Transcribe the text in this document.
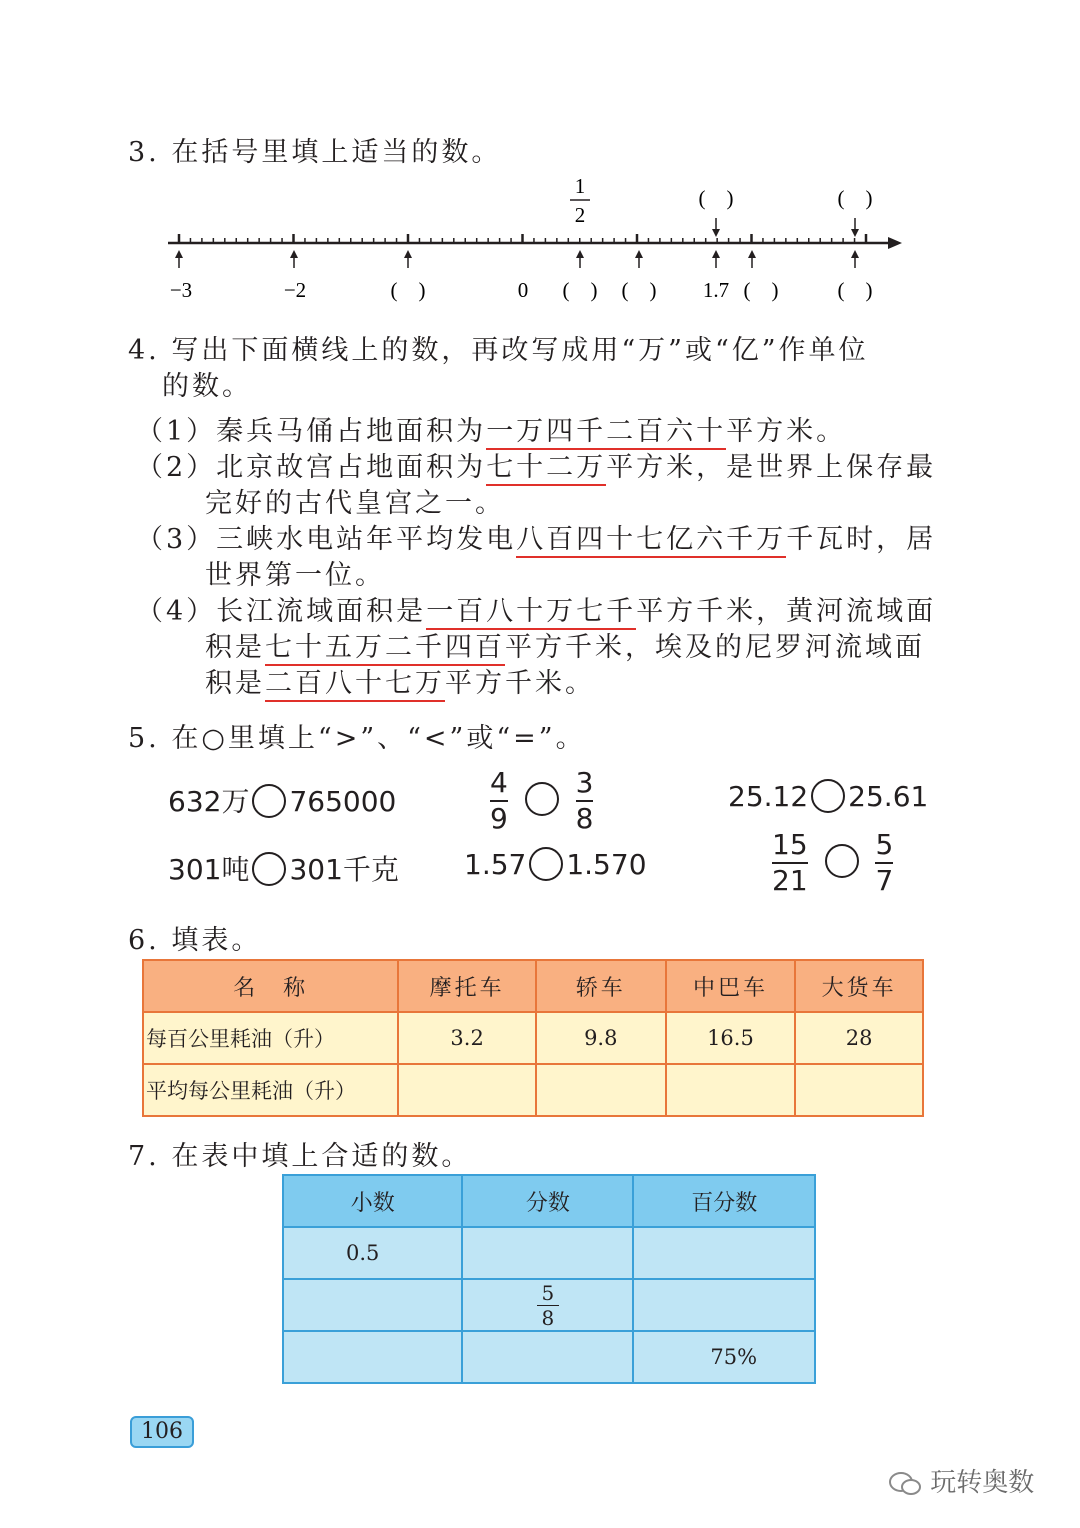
3. 在括号里填上适当的数。
1
2
(　)	(　)
−3	−2	(　)	0 (　) (　) 1.7 (　)	(　)
4. 写出下面横线上的数，再改写成用“万”或“亿”作单位
的数。
（1）秦兵马俑占地面积为一万四千二百六十平方米。
（2）北京故宫占地面积为七十二万平方米，是世界上保存最
完好的古代皇宫之一。
（3）三峡水电站年平均发电八百四十七亿六千万千瓦时，居
世界第一位。
（4）长江流域面积是一百八十万七千平方千米，黄河流域面
积是七十五万二千四百平方千米，埃及的尼罗河流域面
积是二百八十七万平方千米。
5. 在○里填上“>”、“<”或“=”。
632万 765000	$\frac{4}{9}$
$\frac{3}{8}$	25.12 25.61
301吨 301千克 1.57 1.570	$\frac{15}{21}$
$\frac{5}{7}$
6. 填表。
名　称	摩托车	轿车	中巴车	大货车
每百公里耗油（升）	3.2	9.8	16.5	28
平均每公里耗油（升）				
7. 在表中填上合适的数。
小数	分数	百分数
0.5		

	$\frac{5}{8}$

		75%
106
玩转奥数
